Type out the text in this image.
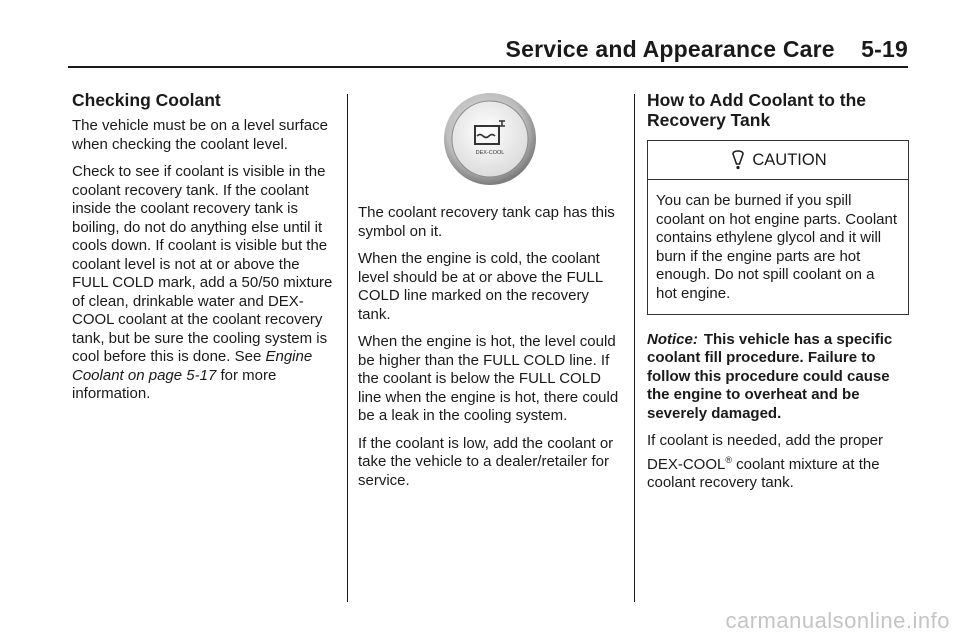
Service and Appearance Care    5-19
Checking Coolant

The vehicle must be on a level surface when checking the coolant level.

Check to see if coolant is visible in the coolant recovery tank. If the coolant inside the coolant recovery tank is boiling, do not do anything else until it cools down. If coolant is visible but the coolant level is not at or above the FULL COLD mark, add a 50/50 mixture of clean, drinkable water and DEX-COOL coolant at the coolant recovery tank, but be sure the cooling system is cool before this is done. See Engine Coolant on page 5-17 for more information.

DEX-COOL

The coolant recovery tank cap has this symbol on it.

When the engine is cold, the coolant level should be at or above the FULL COLD line marked on the recovery tank.

When the engine is hot, the level could be higher than the FULL COLD line. If the coolant is below the FULL COLD line when the engine is hot, there could be a leak in the cooling system.

If the coolant is low, add the coolant or take the vehicle to a dealer/retailer for service.

How to Add Coolant to the Recovery Tank
CAUTION
You can be burned if you spill coolant on hot engine parts. Coolant contains ethylene glycol and it will burn if the engine parts are hot enough. Do not spill coolant on a hot engine.

Notice: This vehicle has a specific coolant fill procedure. Failure to follow this procedure could cause the engine to overheat and be severely damaged.

If coolant is needed, add the proper DEX-COOL® coolant mixture at the coolant recovery tank.

carmanualsonline.info
